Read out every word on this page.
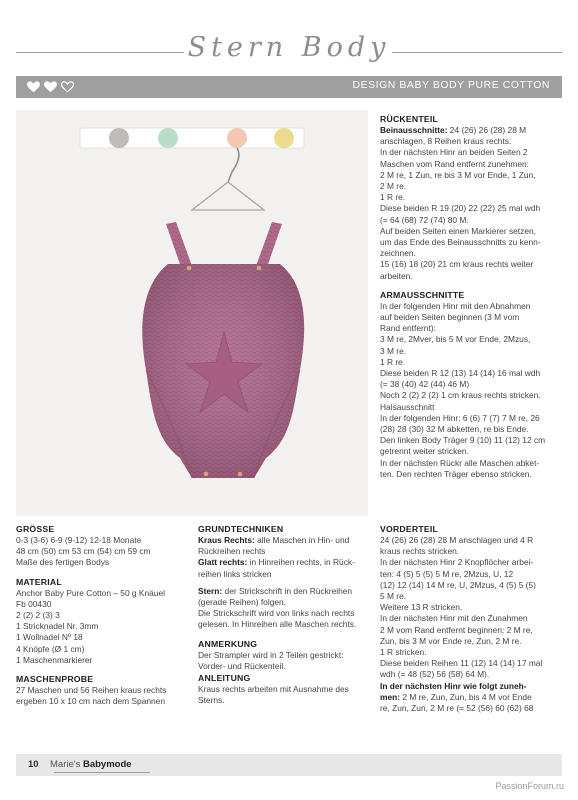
Stern Body
DESIGN BABY BODY PURE COTTON
RÜCKENTEIL
Beinausschnitte: 24 (26) 26 (28) 28 M
anschlagen, 8 Reihen kraus rechts.
In der nächsten Hinr an beiden Seiten 2
Maschen vom Rand entfernt zunehmen:
2 M re, 1 Zun, re bis 3 M vor Ende, 1 Zun,
2 M re.
1 R re.
Diese beiden R 19 (20) 22 (22) 25 mal wdh
(= 64 (68) 72 (74) 80 M.
Auf beiden Seiten einen Markierer setzen,
um das Ende des Beinausschnitts zu kenn-
zeichnen.
15 (16) 18 (20) 21 cm kraus rechts weiter
arbeiten.
ARMAUSSCHNITTE
In der folgenden Hinr mit den Abnahmen
auf beiden Seiten beginnen (3 M vom
Rand entfernt):
3 M re, 2Mver, bis 5 M vor Ende, 2Mzus,
3 M re.
1 R re.
Diese beiden R 12 (13) 14 (14) 16 mal wdh
(= 38 (40) 42 (44) 46 M)
Noch 2 (2) 2 (2) 1 cm kraus rechts stricken.
Halsausschnitt
In der folgenden Hinr: 6 (6) 7 (7) 7 M re, 26
(28) 28 (30) 32 M abketten, re bis Ende.
Den linken Body Träger 9 (10) 11 (12) 12 cm
getrennt weiter stricken.
In der nächsten Rückr alle Maschen abket-
ten. Den rechten Träger ebenso stricken.
GRÖSSE
0-3 (3-6) 6-9 (9-12) 12-18 Monate
48 cm (50) cm 53 cm (54) cm 59 cm
Maße des fertigen Bodys
MATERIAL
Anchor Baby Pure Cotton – 50 g Knäuel
Fb 00430
2 (2) 2 (3) 3
1 Stricknadel Nr. 3mm
1 Wollnadel Nº 18
4 Knöpfe (Ø 1 cm)
1 Maschenmarkierer
MASCHENPROBE
27 Maschen und 56 Reihen kraus rechts
ergeben 10 x 10 cm nach dem Spannen
GRUNDTECHNIKEN
Kraus Rechts: alle Maschen in Hin- und
Rückreihen rechts
Glatt rechts: in Hinreihen rechts, in Rück-
reihen links stricken
Stern: der Strickschrift in den Rückreihen
(gerade Reihen) folgen.
Die Strickschrift wird von links nach rechts
gelesen. In Hinreihen alle Maschen rechts.
ANMERKUNG
Der Strampler wird in 2 Teilen gestrickt:
Vorder- und Rückenteil.
ANLEITUNG
Kraus rechts arbeiten mit Ausnahme des
Sterns.
VORDERTEIL
24 (26) 26 (28) 28 M anschlagen und 4 R
kraus rechts stricken.
In der nächsten Hinr 2 Knopflöcher arbei-
ten: 4 (5) 5 (5) 5 M re, 2Mzus, U, 12
(12) 12 (14) 14 M re, U, 2Mzus, 4 (5) 5 (5)
5 M re.
Weitere 13 R stricken.
In der nächsten Hinr mit den Zunahmen
2 M vom Rand entfernt beginnen: 2 M re,
Zun, bis 3 M vor Ende re, Zun, 2 M re.
1 R stricken.
Diese beiden Reihen 11 (12) 14 (14) 17 mal
wdh (= 48 (52) 56 (58) 64 M).
In der nächsten Hinr wie folgt zuneh-
men: 2 M re, Zun, Zun, bis 4 M vor Ende
re, Zun, Zun, 2 M re (= 52 (56) 60 (62) 68
10 Marie's Babymode
PassionForum.ru
